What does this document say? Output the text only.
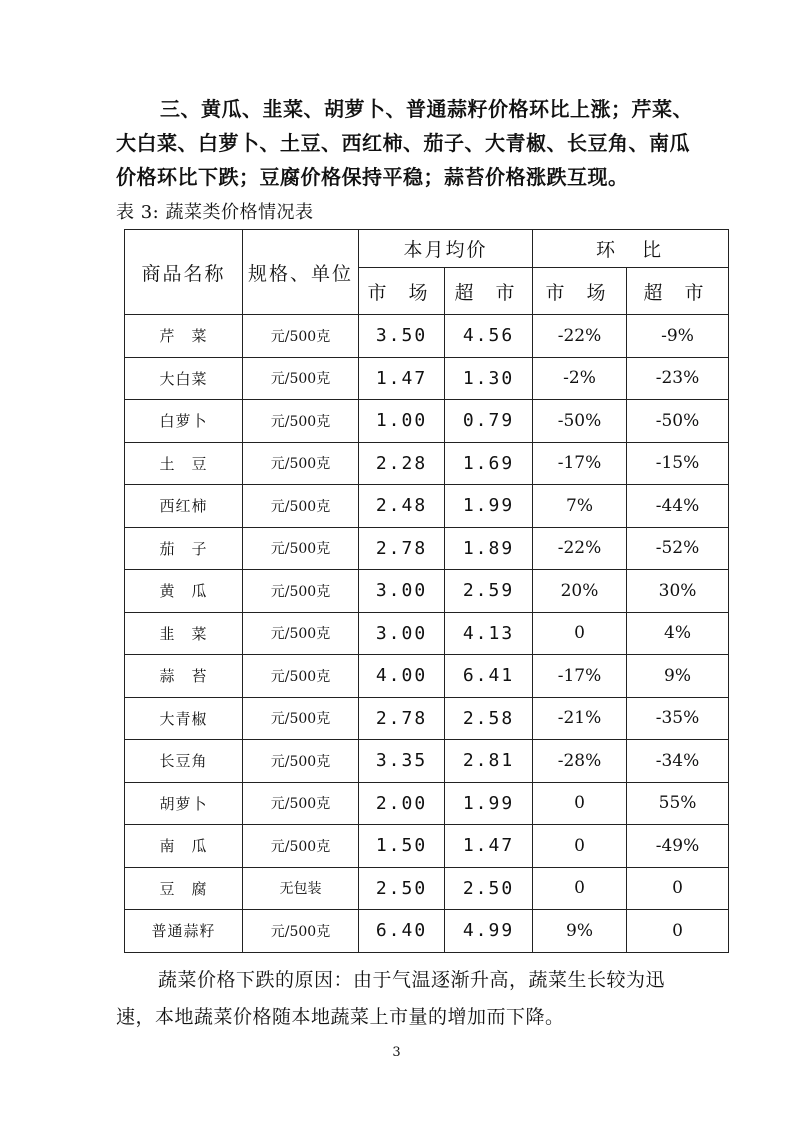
三、黄瓜、韭菜、胡萝卜、普通蒜籽价格环比上涨；芹菜、大白菜、白萝卜、土豆、西红柿、茄子、大青椒、长豆角、南瓜价格环比下跌；豆腐价格保持平稳；蒜苔价格涨跌互现。
表 3: 蔬菜类价格情况表
商品名称	规格、单位	本月均价		环　比	
		市 场	超 市	市 场	超 市
芹　菜	元/500克	3.50	4.56	-22%	-9%
大白菜	元/500克	1.47	1.30	-2%	-23%
白萝卜	元/500克	1.00	0.79	-50%	-50%
土　豆	元/500克	2.28	1.69	-17%	-15%
西红柿	元/500克	2.48	1.99	7%	-44%
茄　子	元/500克	2.78	1.89	-22%	-52%
黄　瓜	元/500克	3.00	2.59	20%	30%
韭　菜	元/500克	3.00	4.13	0	4%
蒜　苔	元/500克	4.00	6.41	-17%	9%
大青椒	元/500克	2.78	2.58	-21%	-35%
长豆角	元/500克	3.35	2.81	-28%	-34%
胡萝卜	元/500克	2.00	1.99	0	55%
南　瓜	元/500克	1.50	1.47	0	-49%
豆　腐	无包装	2.50	2.50	0	0
普通蒜籽	元/500克	6.40	4.99	9%	0
蔬菜价格下跌的原因：由于气温逐渐升高，蔬菜生长较为迅速，本地蔬菜价格随本地蔬菜上市量的增加而下降。
3
